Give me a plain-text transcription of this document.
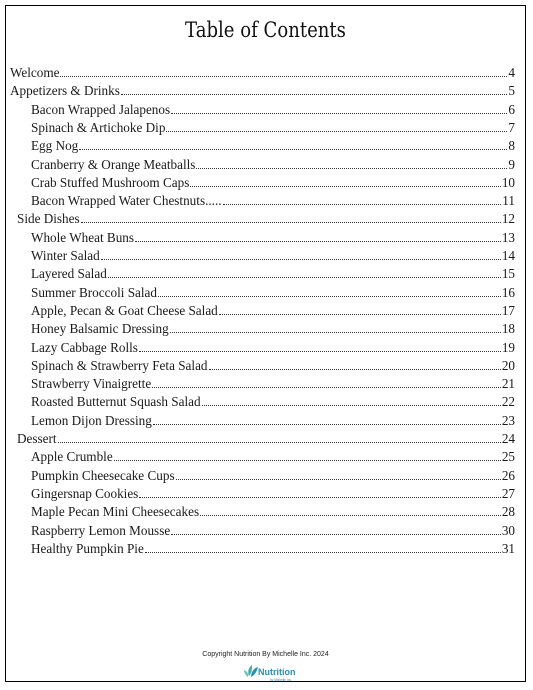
Table of Contents
Welcome	4
Appetizers & Drinks	5
Bacon Wrapped Jalapenos	6
Spinach & Artichoke Dip	7
Egg Nog	8
Cranberry & Orange Meatballs	9
Crab Stuffed Mushroom Caps	10
Bacon Wrapped Water Chestnuts.....	11
Side Dishes	12
Whole Wheat Buns	13
Winter Salad	14
Layered Salad	15
Summer Broccoli Salad	16
Apple, Pecan & Goat Cheese Salad	17
Honey Balsamic Dressing	18
Lazy Cabbage Rolls	19
Spinach & Strawberry Feta Salad	20
Strawberry Vinaigrette	21
Roasted Butternut Squash Salad	22
Lemon Dijon Dressing	23
Dessert	24
Apple Crumble	25
Pumpkin Cheesecake Cups	26
Gingersnap Cookies	27
Maple Pecan Mini Cheesecakes	28
Raspberry Lemon Mousse	30
Healthy Pumpkin Pie	31
Copyright Nutrition By Michelle Inc. 2024
Nutrition
by Michelle Inc.
